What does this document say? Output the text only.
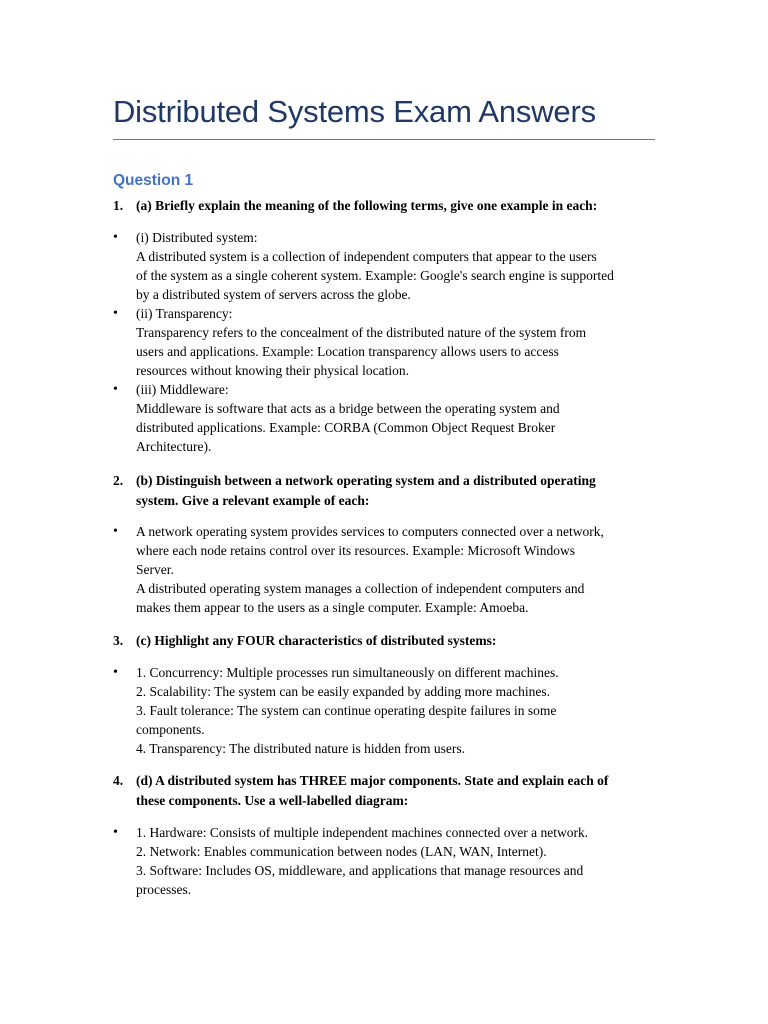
Distributed Systems Exam Answers
Question 1
1. (a) Briefly explain the meaning of the following terms, give one example in each:
• (i) Distributed system:
A distributed system is a collection of independent computers that appear to the users
of the system as a single coherent system. Example: Google's search engine is supported
by a distributed system of servers across the globe.
• (ii) Transparency:
Transparency refers to the concealment of the distributed nature of the system from
users and applications. Example: Location transparency allows users to access
resources without knowing their physical location.
• (iii) Middleware:
Middleware is software that acts as a bridge between the operating system and
distributed applications. Example: CORBA (Common Object Request Broker
Architecture).
2. (b) Distinguish between a network operating system and a distributed operating
system. Give a relevant example of each:
• A network operating system provides services to computers connected over a network,
where each node retains control over its resources. Example: Microsoft Windows
Server.
A distributed operating system manages a collection of independent computers and
makes them appear to the users as a single computer. Example: Amoeba.
3. (c) Highlight any FOUR characteristics of distributed systems:
• 1. Concurrency: Multiple processes run simultaneously on different machines.
2. Scalability: The system can be easily expanded by adding more machines.
3. Fault tolerance: The system can continue operating despite failures in some
components.
4. Transparency: The distributed nature is hidden from users.
4. (d) A distributed system has THREE major components. State and explain each of
these components. Use a well-labelled diagram:
• 1. Hardware: Consists of multiple independent machines connected over a network.
2. Network: Enables communication between nodes (LAN, WAN, Internet).
3. Software: Includes OS, middleware, and applications that manage resources and
processes.
